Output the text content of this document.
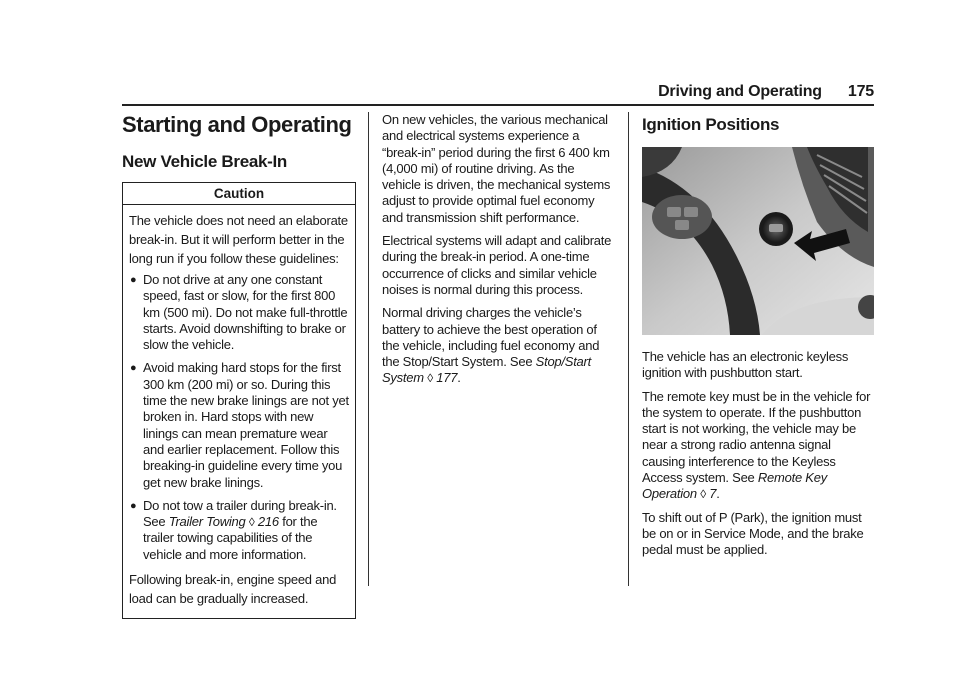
Driving and Operating 175
Starting and Operating
New Vehicle Break-In
Caution

The vehicle does not need an elaborate break-in. But it will perform better in the long run if you follow these guidelines:

● Do not drive at any one constant speed, fast or slow, for the first 800 km (500 mi). Do not make full-throttle starts. Avoid downshifting to brake or slow the vehicle.
● Avoid making hard stops for the first 300 km (200 mi) or so. During this time the new brake linings are not yet broken in. Hard stops with new linings can mean premature wear and earlier replacement. Follow this breaking-in guideline every time you get new brake linings.
● Do not tow a trailer during break-in. See Trailer Towing ◊ 216 for the trailer towing capabilities of the vehicle and more information.

Following break-in, engine speed and load can be gradually increased.

On new vehicles, the various mechanical and electrical systems experience a “break-in” period during the first 6 400 km (4,000 mi) of routine driving. As the vehicle is driven, the mechanical systems adjust to provide optimal fuel economy and transmission shift performance.

Electrical systems will adapt and calibrate during the break-in period. A one-time occurrence of clicks and similar vehicle noises is normal during this process.

Normal driving charges the vehicle’s battery to achieve the best operation of the vehicle, including fuel economy and the Stop/Start System. See Stop/Start System ◊ 177.

Ignition Positions

The vehicle has an electronic keyless ignition with pushbutton start.

The remote key must be in the vehicle for the system to operate. If the pushbutton start is not working, the vehicle may be near a strong radio antenna signal causing interference to the Keyless Access system. See Remote Key Operation ◊ 7.

To shift out of P (Park), the ignition must be on or in Service Mode, and the brake pedal must be applied.
